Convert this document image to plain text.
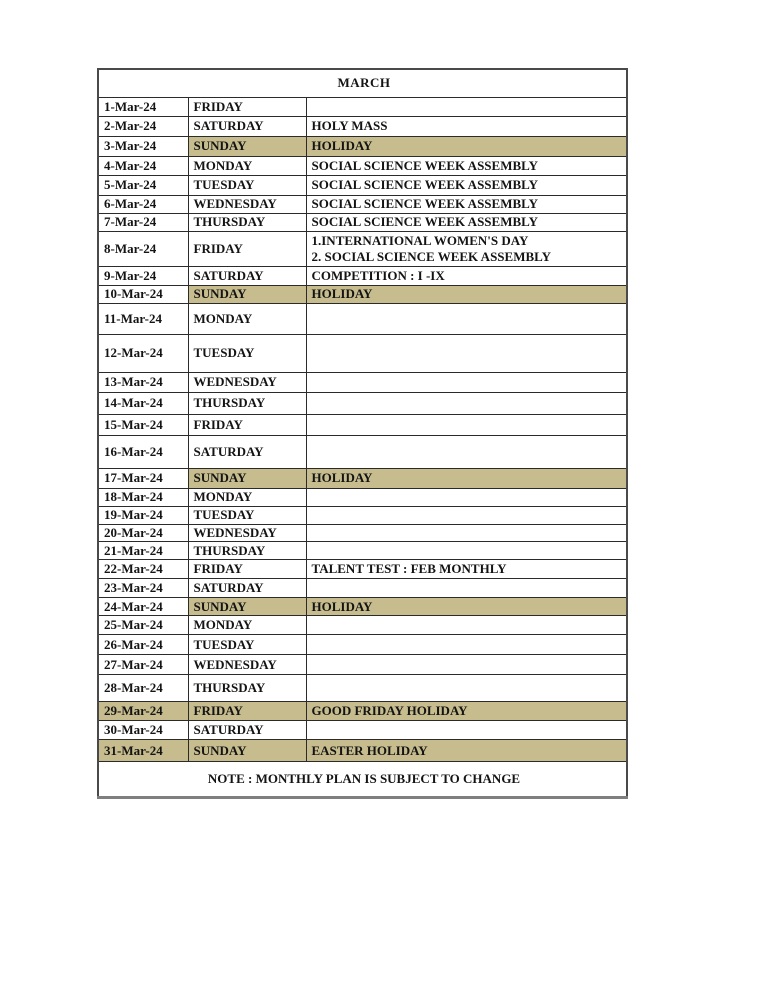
MARCH		
1-Mar-24	FRIDAY	
2-Mar-24	SATURDAY	HOLY MASS

3-Mar-24	SUNDAY	HOLIDAY

4-Mar-24	MONDAY	SOCIAL SCIENCE WEEK ASSEMBLY

5-Mar-24	TUESDAY	SOCIAL SCIENCE WEEK ASSEMBLY

6-Mar-24	WEDNESDAY	SOCIAL SCIENCE WEEK ASSEMBLY

7-Mar-24	THURSDAY	SOCIAL SCIENCE WEEK ASSEMBLY

8-Mar-24	FRIDAY	1.INTERNATIONAL WOMEN'S DAY
2. SOCIAL SCIENCE WEEK ASSEMBLY

9-Mar-24	SATURDAY	COMPETITION : I -IX

10-Mar-24	SUNDAY	HOLIDAY

11-Mar-24	MONDAY	
12-Mar-24	TUESDAY	
13-Mar-24	WEDNESDAY	
14-Mar-24	THURSDAY	
15-Mar-24	FRIDAY	
16-Mar-24	SATURDAY	
17-Mar-24	SUNDAY	HOLIDAY

18-Mar-24	MONDAY	
19-Mar-24	TUESDAY	
20-Mar-24	WEDNESDAY	
21-Mar-24	THURSDAY	
22-Mar-24	FRIDAY	TALENT TEST : FEB MONTHLY

23-Mar-24	SATURDAY	
24-Mar-24	SUNDAY	HOLIDAY

25-Mar-24	MONDAY	
26-Mar-24	TUESDAY	
27-Mar-24	WEDNESDAY	
28-Mar-24	THURSDAY	
29-Mar-24	FRIDAY	GOOD FRIDAY HOLIDAY

30-Mar-24	SATURDAY	
31-Mar-24	SUNDAY	EASTER HOLIDAY

NOTE : MONTHLY PLAN IS SUBJECT TO CHANGE		
